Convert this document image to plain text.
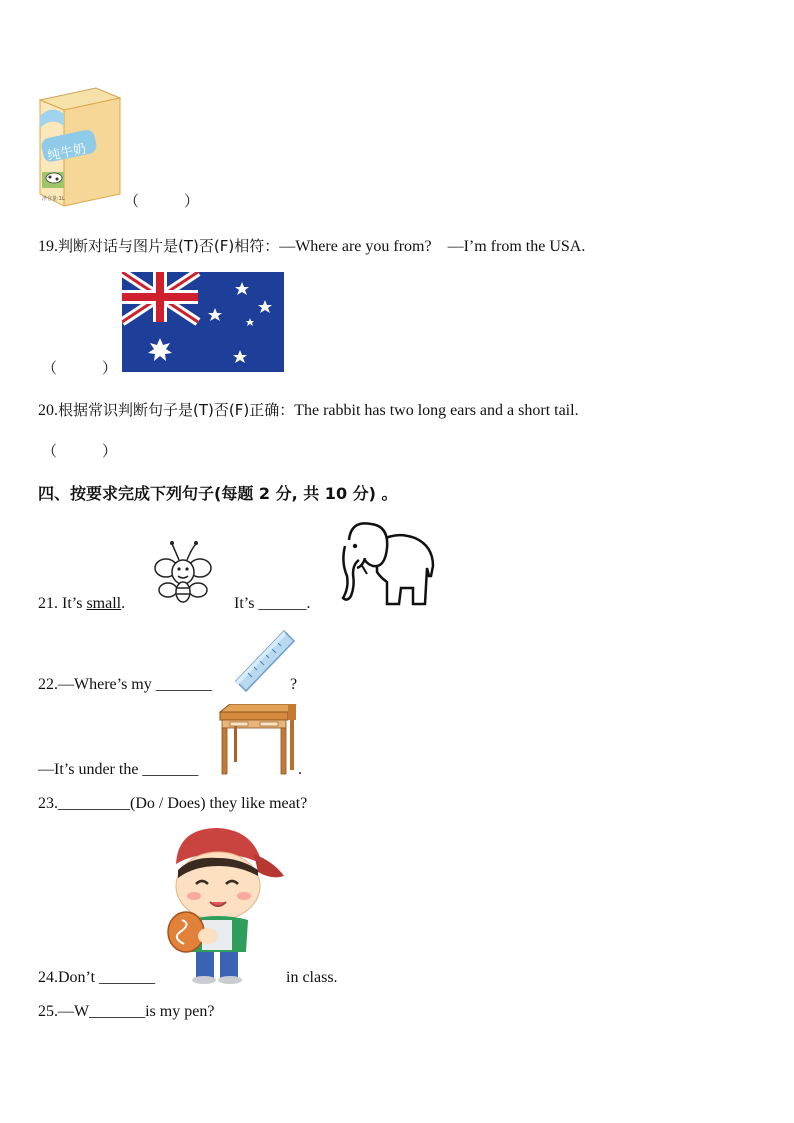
纯牛奶
净含量:1L	（　　　）
19.判断对话与图片是(T)否(F)相符：—Where are you from?　—I’m from the USA.
（　　　）
20.根据常识判断句子是(T)否(F)正确：The rabbit has two long ears and a short tail.
（　　　）
四、按要求完成下列句子(每题 2 分, 共 10 分) 。
21. It’s small.	It’s ______.
22.—Where’s my _______	?
—It’s under the _______	.
23._________(Do / Does) they like meat?
24.Don’t _______	in class.
25.—W_______is my pen?
